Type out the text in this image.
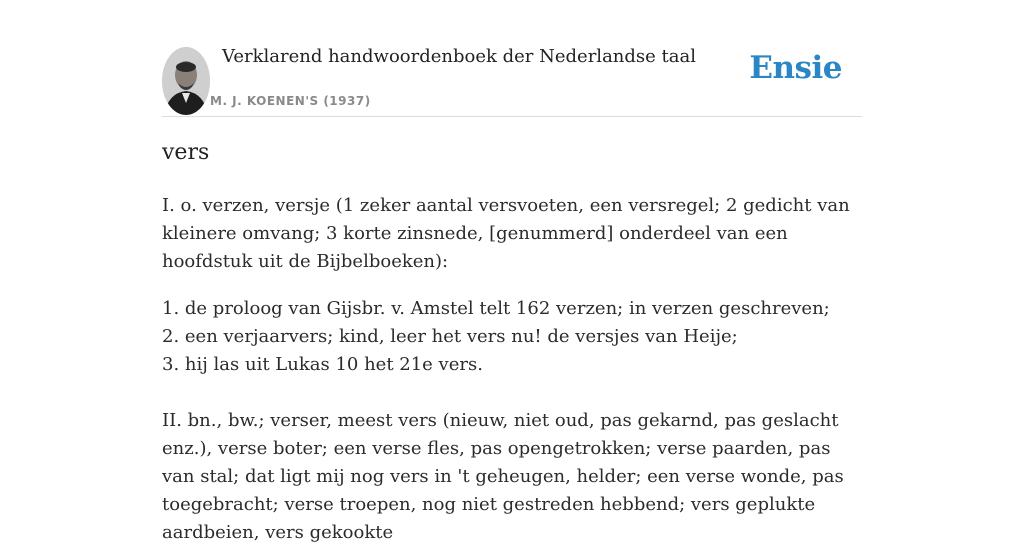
Verklarend handwoordenboek der Nederlandse taal
M. J. KOENEN'S (1937)
Ensie
vers
I. o. verzen, versje (1 zeker aantal versvoeten, een versregel; 2 gedicht van kleinere omvang; 3 korte zinsnede, [genummerd] onderdeel van een hoofdstuk uit de Bijbelboeken):
1. de proloog van Gijsbr. v. Amstel telt 162 verzen; in verzen geschreven;
2. een verjaarvers; kind, leer het vers nu! de versjes van Heije;
3. hij las uit Lukas 10 het 21e vers.
II. bn., bw.; verser, meest vers (nieuw, niet oud, pas gekarnd, pas geslacht enz.), verse boter; een verse fles, pas opengetrokken; verse paarden, pas van stal; dat ligt mij nog vers in 't geheugen, helder; een verse wonde, pas toegebracht; verse troepen, nog niet gestreden hebbend; vers geplukte aardbeien, vers gekookte
